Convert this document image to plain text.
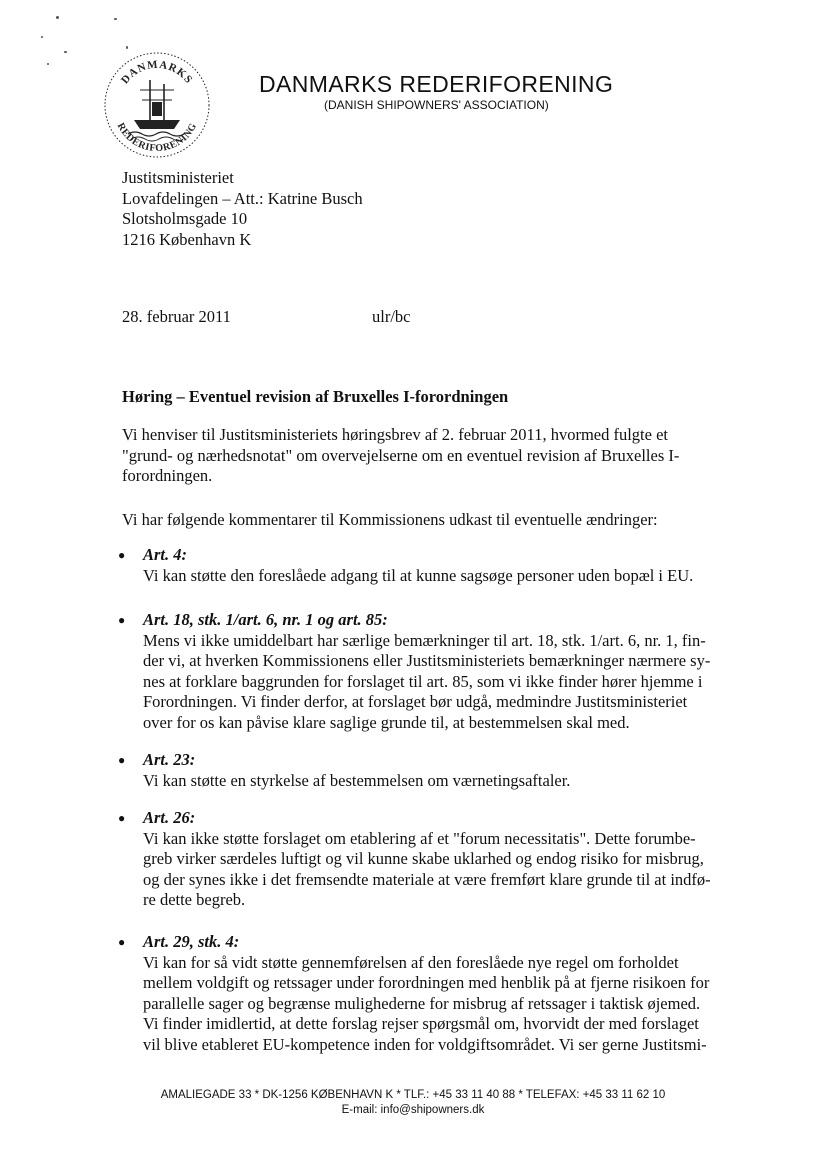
DANMARKS
REDERIFORENING
DANMARKS REDERIFORENING
(DANISH SHIPOWNERS' ASSOCIATION)
Justitsministeriet
Lovafdelingen – Att.: Katrine Busch
Slotsholmsgade 10
1216 København K
28. februar 2011	ulr/bc
Høring – Eventuel revision af Bruxelles I-forordningen
Vi henviser til Justitsministeriets høringsbrev af 2. februar 2011, hvormed fulgte et
"grund- og nærhedsnotat" om overvejelserne om en eventuel revision af Bruxelles I-
forordningen.
Vi har følgende kommentarer til Kommissionens udkast til eventuelle ændringer:
● Art. 4:
Vi kan støtte den foreslåede adgang til at kunne sagsøge personer uden bopæl i EU.
● Art. 18, stk. 1/art. 6, nr. 1 og art. 85:
Mens vi ikke umiddelbart har særlige bemærkninger til art. 18, stk. 1/art. 6, nr. 1, fin-
der vi, at hverken Kommissionens eller Justitsministeriets bemærkninger nærmere sy-
nes at forklare baggrunden for forslaget til art. 85, som vi ikke finder hører hjemme i
Forordningen. Vi finder derfor, at forslaget bør udgå, medmindre Justitsministeriet
over for os kan påvise klare saglige grunde til, at bestemmelsen skal med.
● Art. 23:
Vi kan støtte en styrkelse af bestemmelsen om værnetingsaftaler.
● Art. 26:
Vi kan ikke støtte forslaget om etablering af et "forum necessitatis". Dette forumbe-
greb virker særdeles luftigt og vil kunne skabe uklarhed og endog risiko for misbrug,
og der synes ikke i det fremsendte materiale at være fremført klare grunde til at indfø-
re dette begreb.
● Art. 29, stk. 4:
Vi kan for så vidt støtte gennemførelsen af den foreslåede nye regel om forholdet
mellem voldgift og retssager under forordningen med henblik på at fjerne risikoen for
parallelle sager og begrænse mulighederne for misbrug af retssager i taktisk øjemed.
Vi finder imidlertid, at dette forslag rejser spørgsmål om, hvorvidt der med forslaget
vil blive etableret EU-kompetence inden for voldgiftsområdet. Vi ser gerne Justitsmi-
AMALIEGADE 33 * DK-1256 KØBENHAVN K * TLF.: +45 33 11 40 88 * TELEFAX: +45 33 11 62 10
E-mail: info@shipowners.dk
